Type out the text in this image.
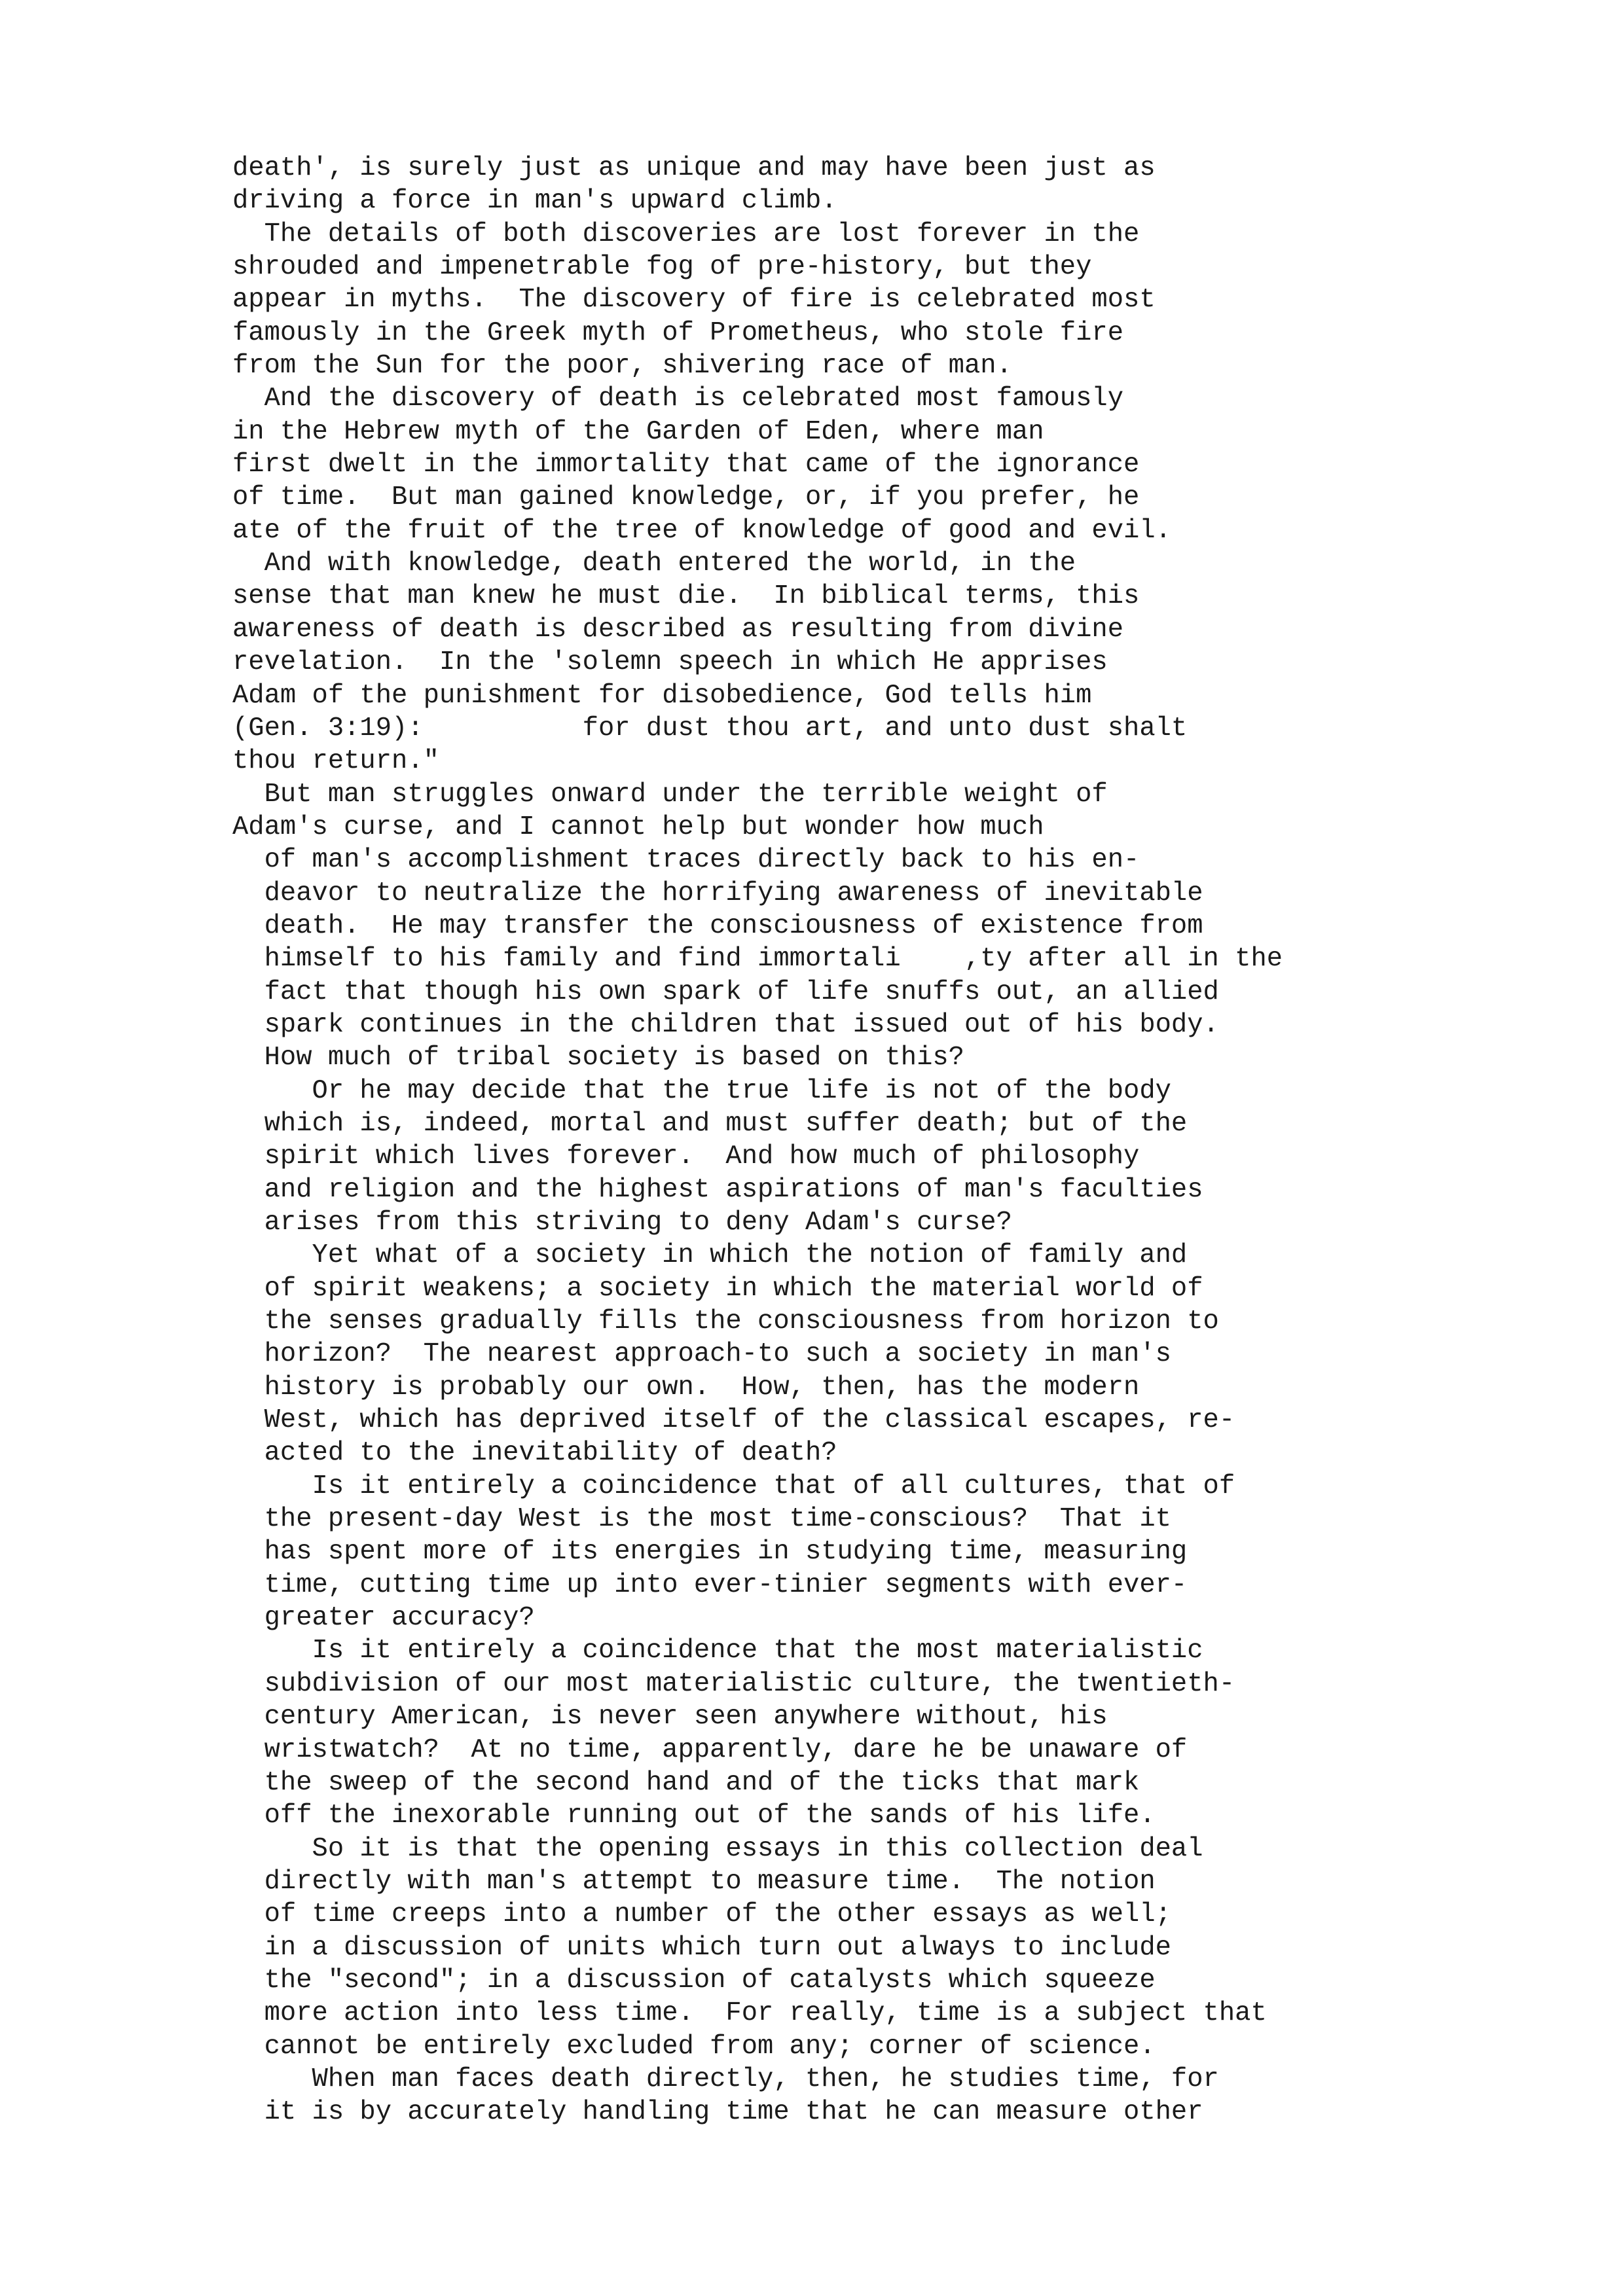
death', is surely just as unique and may have been just as
driving a force in man's upward climb.
The details of both discoveries are lost forever in the
shrouded and impenetrable fog of pre-history, but they
appear in myths.  The discovery of fire is celebrated most
famously in the Greek myth of Prometheus, who stole fire
from the Sun for the poor, shivering race of man.
And the discovery of death is celebrated most famously
in the Hebrew myth of the Garden of Eden, where man
first dwelt in the immortality that came of the ignorance
of time.  But man gained knowledge, or, if you prefer, he
ate of the fruit of the tree of knowledge of good and evil.
And with knowledge, death entered the world, in the
sense that man knew he must die.  In biblical terms, this
awareness of death is described as resulting from divine
revelation.  In the 'solemn speech in which He apprises
Adam of the punishment for disobedience, God tells him
(Gen. 3:19):          for dust thou art, and unto dust shalt
thou return."
But man struggles onward under the terrible weight of
Adam's curse, and I cannot help but wonder how much
of man's accomplishment traces directly back to his en-
deavor to neutralize the horrifying awareness of inevitable
death.  He may transfer the consciousness of existence from
himself to his family and find immortali    ,ty after all in the
fact that though his own spark of life snuffs out, an allied
spark continues in the children that issued out of his body.
How much of tribal society is based on this?
Or he may decide that the true life is not of the body
which is, indeed, mortal and must suffer death; but of the
spirit which lives forever.  And how much of philosophy
and religion and the highest aspirations of man's faculties
arises from this striving to deny Adam's curse?
Yet what of a society in which the notion of family and
of spirit weakens; a society in which the material world of
the senses gradually fills the consciousness from horizon to
horizon?  The nearest approach-to such a society in man's
history is probably our own.  How, then, has the modern
West, which has deprived itself of the classical escapes, re-
acted to the inevitability of death?
Is it entirely a coincidence that of all cultures, that of
the present-day West is the most time-conscious?  That it
has spent more of its energies in studying time, measuring
time, cutting time up into ever-tinier segments with ever-
greater accuracy?
Is it entirely a coincidence that the most materialistic
subdivision of our most materialistic culture, the twentieth-
century American, is never seen anywhere without, his
wristwatch?  At no time, apparently, dare he be unaware of
the sweep of the second hand and of the ticks that mark
off the inexorable running out of the sands of his life.
So it is that the opening essays in this collection deal
directly with man's attempt to measure time.  The notion
of time creeps into a number of the other essays as well;
in a discussion of units which turn out always to include
the "second"; in a discussion of catalysts which squeeze
more action into less time.  For really, time is a subject that
cannot be entirely excluded from any; corner of science.
When man faces death directly, then, he studies time, for
it is by accurately handling time that he can measure other
